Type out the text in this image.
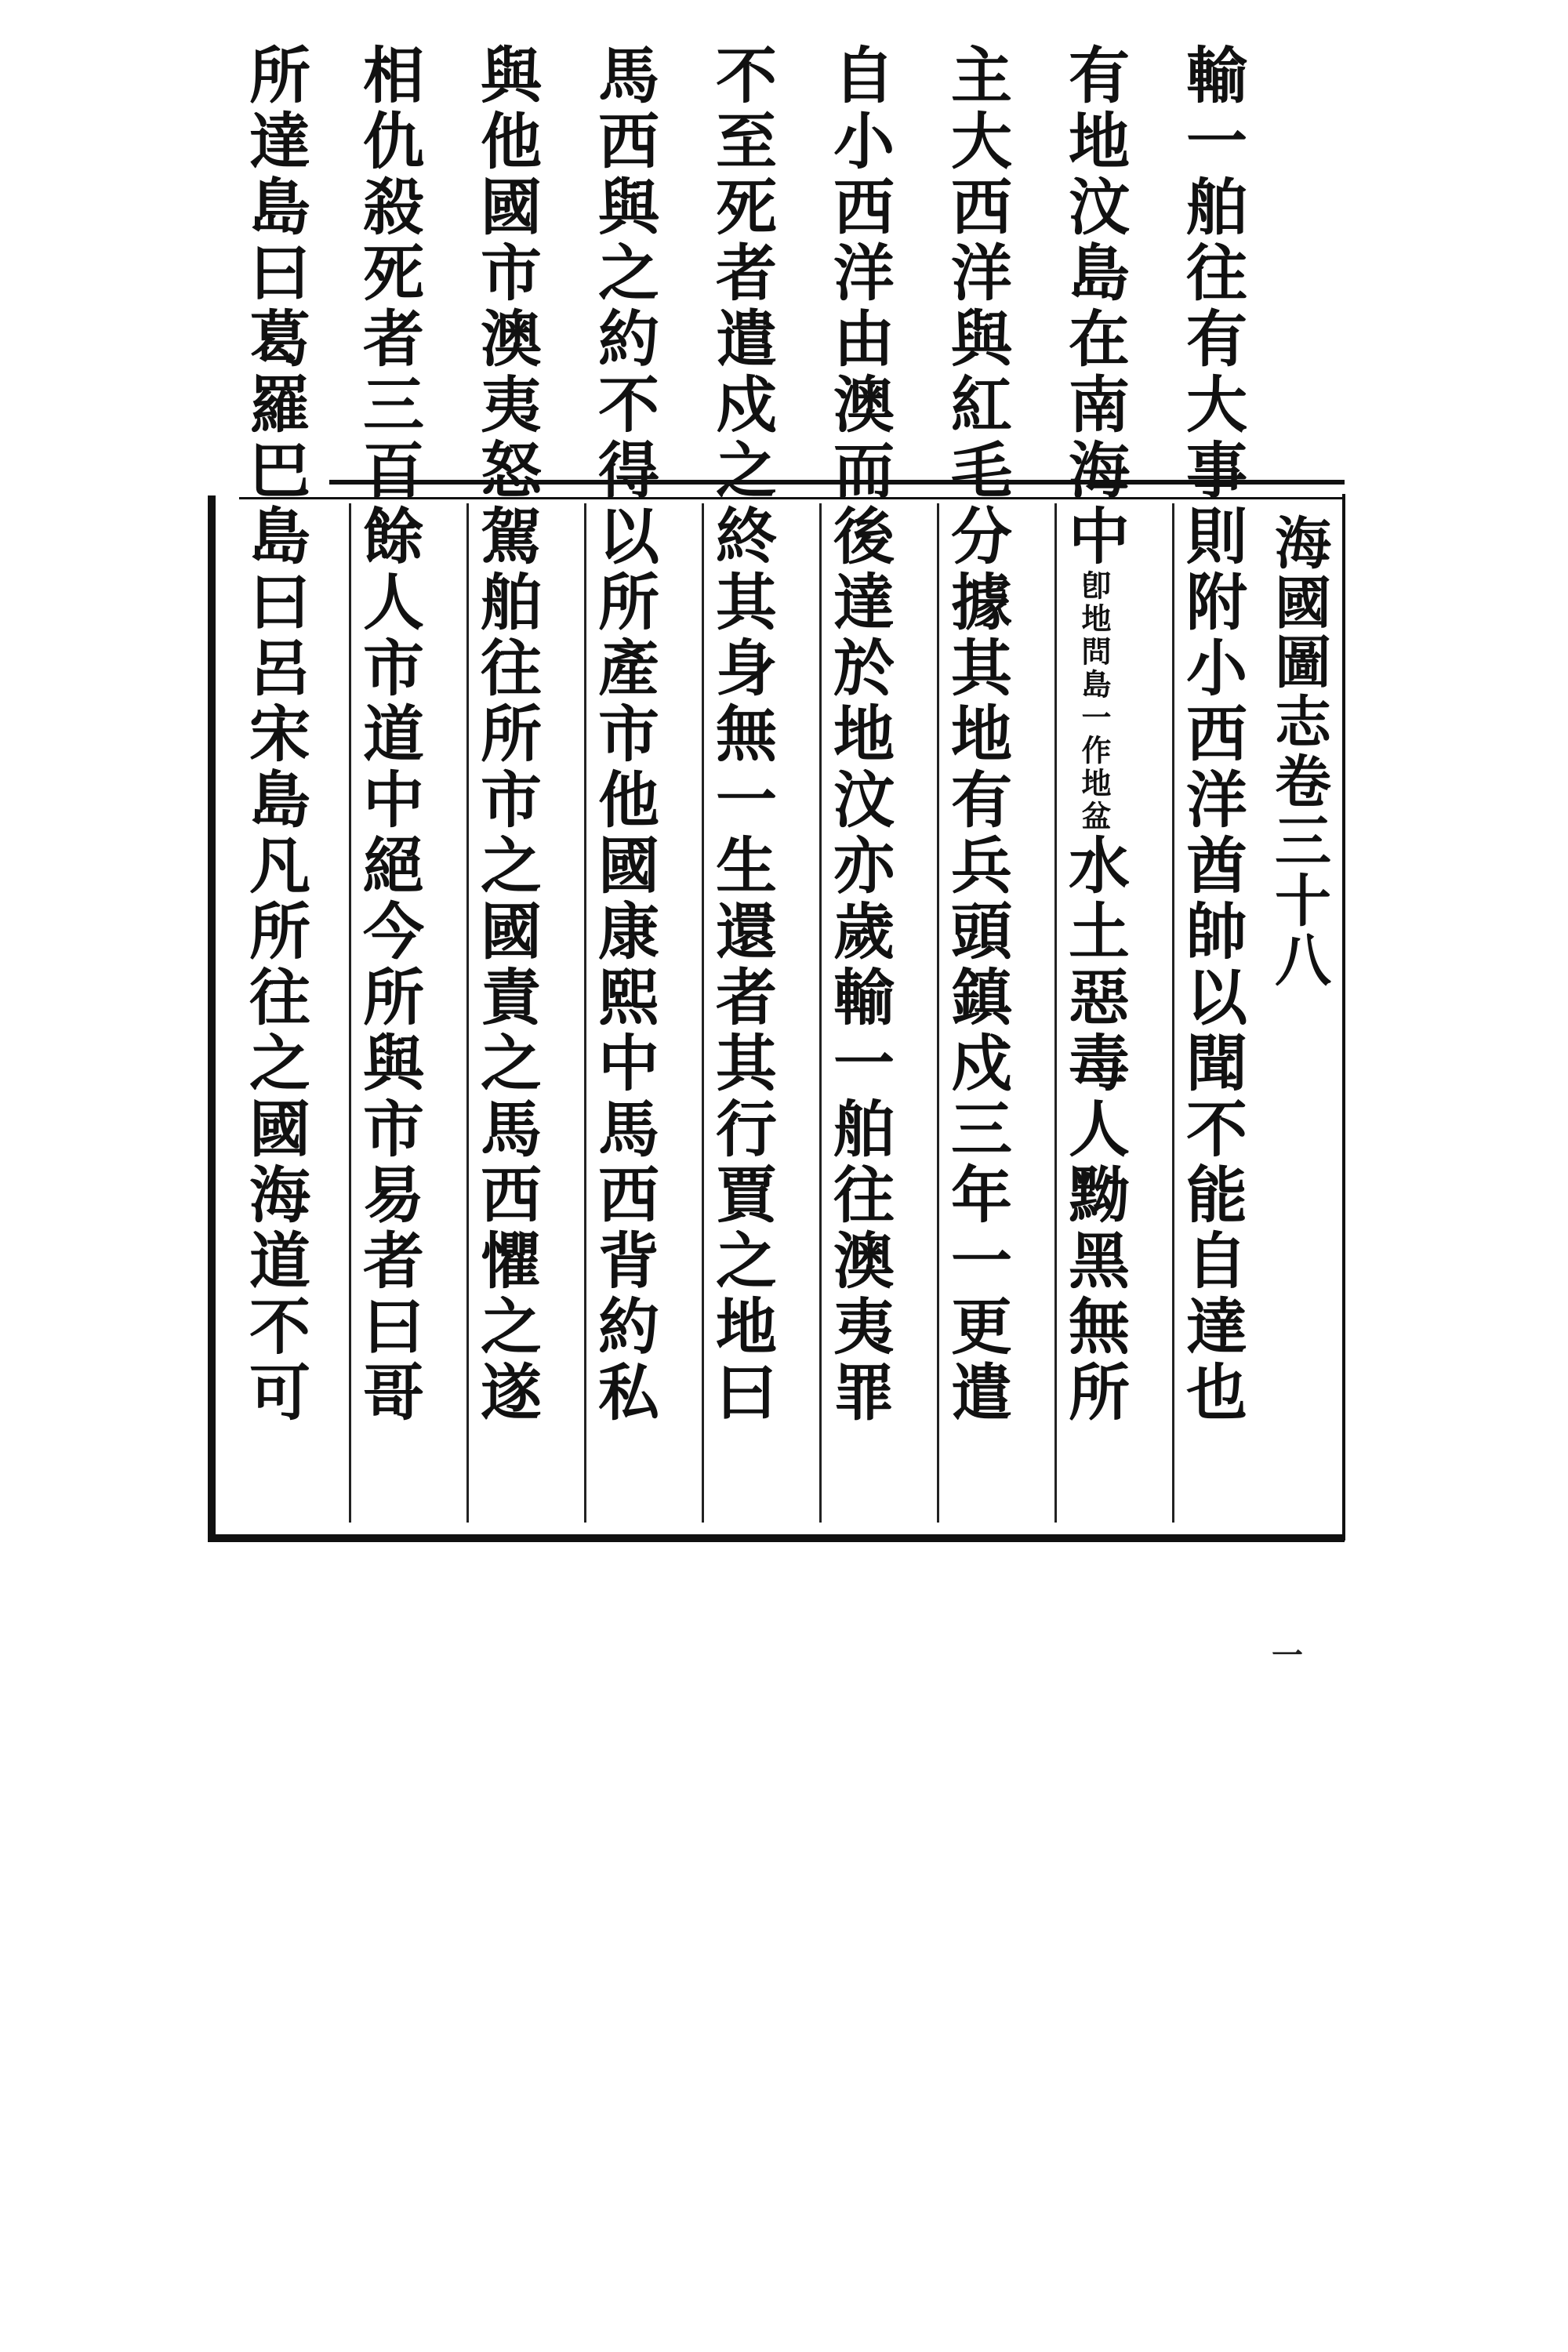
海國圖志卷三十八
一
輸一舶往有大事則附小西洋酋帥以聞不能自達也
有地汶島在南海中卽地問島一作地盆水土惡毒人黝黑無所
主大西洋與紅毛分據其地有兵頭鎮戍三年一更遣
自小西洋由澳而後達於地汶亦歲輸一舶往澳夷罪
不至死者遣戍之終其身無一生還者其行賈之地曰
馬西與之約不得以所產市他國康熙中馬西背約私
與他國市澳夷怒駕舶往所市之國責之馬西懼之遂
相仇殺死者三百餘人市道中絕今所與市易者曰哥
所達島曰葛羅巴島曰呂宋島凡所往之國海道不可
